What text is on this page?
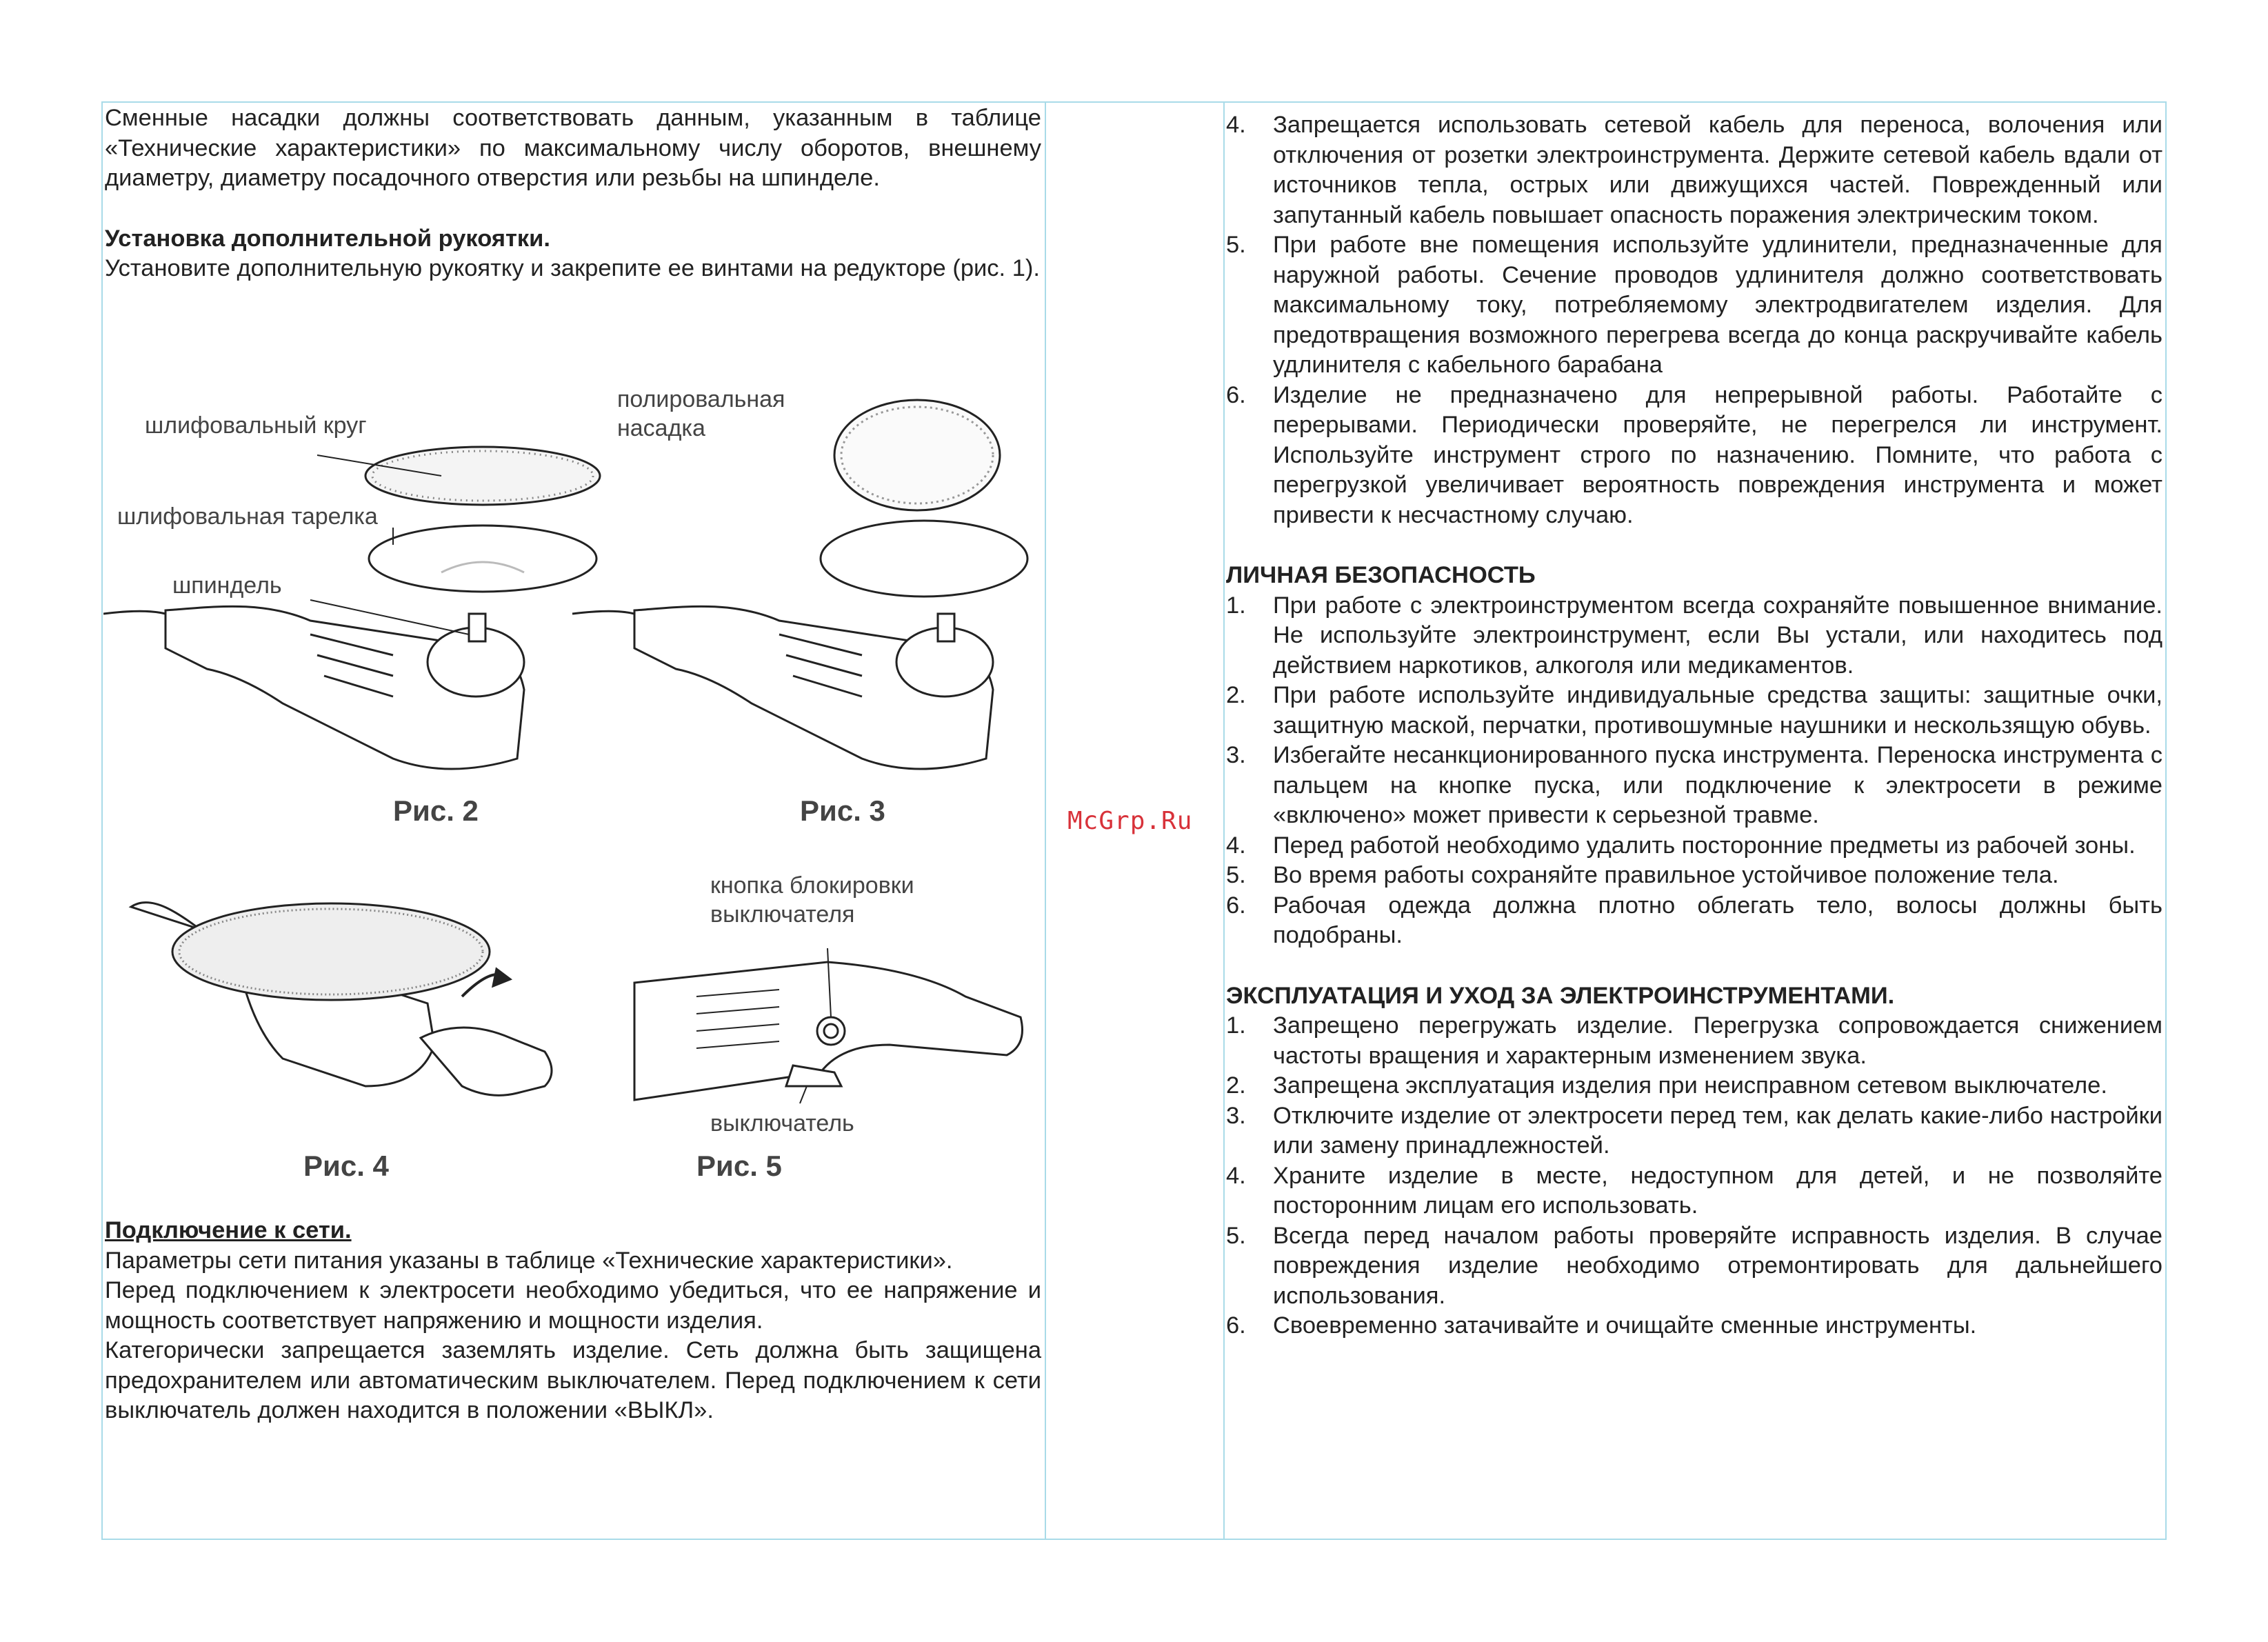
Сменные насадки должны соответствовать данным, указанным в таблице «Технические характеристики» по максимальному числу оборотов, внешнему диаметру, диаметру посадочного отверстия или резьбы на шпинделе.

Установка дополнительной рукоятки.

Установите дополнительную рукоятку и закрепите ее винтами на редукторе (рис. 1).

шлифовальный круг
шлифовальная тарелка
шпиндель
Рис. 2
полировальная
насадка
Рис. 3
Рис. 4
кнопка блокировки
выключателя
выключатель
Рис. 5

Подключение к сети.

Параметры сети питания указаны в таблице «Технические характеристики».

Перед подключением к электросети необходимо убедиться, что ее напряжение и мощность соответствует напряжению и мощности изделия.

Категорически запрещается заземлять изделие. Сеть должна быть защищена предохранителем или автоматическим выключателем. Перед подключением к сети выключатель должен находится в положении «ВЫКЛ».

McGrp.Ru
4. Запрещается использовать сетевой кабель для переноса, волочения или отключения от розетки электроинструмента. Держите сетевой кабель вдали от источников тепла, острых или движущихся частей. Поврежденный или запутанный кабель повышает опасность поражения электрическим током.
5. При работе вне помещения используйте удлинители, предназначенные для наружной работы. Сечение проводов удлинителя должно соответствовать максимальному току, потребляемому электродвигателем изделия. Для предотвращения возможного перегрева всегда до конца раскручивайте кабель удлинителя с кабельного барабана
6. Изделие не предназначено для непрерывной работы. Работайте с перерывами. Периодически проверяйте, не перегрелся ли инструмент. Используйте инструмент строго по назначению. Помните, что работа с перегрузкой увеличивает вероятность повреждения инструмента и может привести к несчастному случаю.

ЛИЧНАЯ БЕЗОПАСНОСТЬ

1. При работе с электроинструментом всегда сохраняйте повышенное внимание. Не используйте электроинструмент, если Вы устали, или находитесь под действием наркотиков, алкоголя или медикаментов.
2. При работе используйте индивидуальные средства защиты: защитные очки, защитную маской, перчатки, противошумные наушники и нескользящую обувь.
3. Избегайте несанкционированного пуска инструмента. Переноска инструмента с пальцем на кнопке пуска, или подключение к электросети в режиме «включено» может привести к серьезной травме.
4. Перед работой необходимо удалить посторонние предметы из рабочей зоны.
5. Во время работы сохраняйте правильное устойчивое положение тела.
6. Рабочая одежда должна плотно облегать тело, волосы должны быть подобраны.

ЭКСПЛУАТАЦИЯ И УХОД ЗА ЭЛЕКТРОИНСТРУМЕНТАМИ.

1. Запрещено перегружать изделие. Перегрузка сопровождается снижением частоты вращения и характерным изменением звука.
2. Запрещена эксплуатация изделия при неисправном сетевом выключателе.
3. Отключите изделие от электросети перед тем, как делать какие-либо настройки или замену принадлежностей.
4. Храните изделие в месте, недоступном для детей, и не позволяйте посторонним лицам его использовать.
5. Всегда перед началом работы проверяйте исправность изделия. В случае повреждения изделие необходимо отремонтировать для дальнейшего использования.
6. Своевременно затачивайте и очищайте сменные инструменты.
